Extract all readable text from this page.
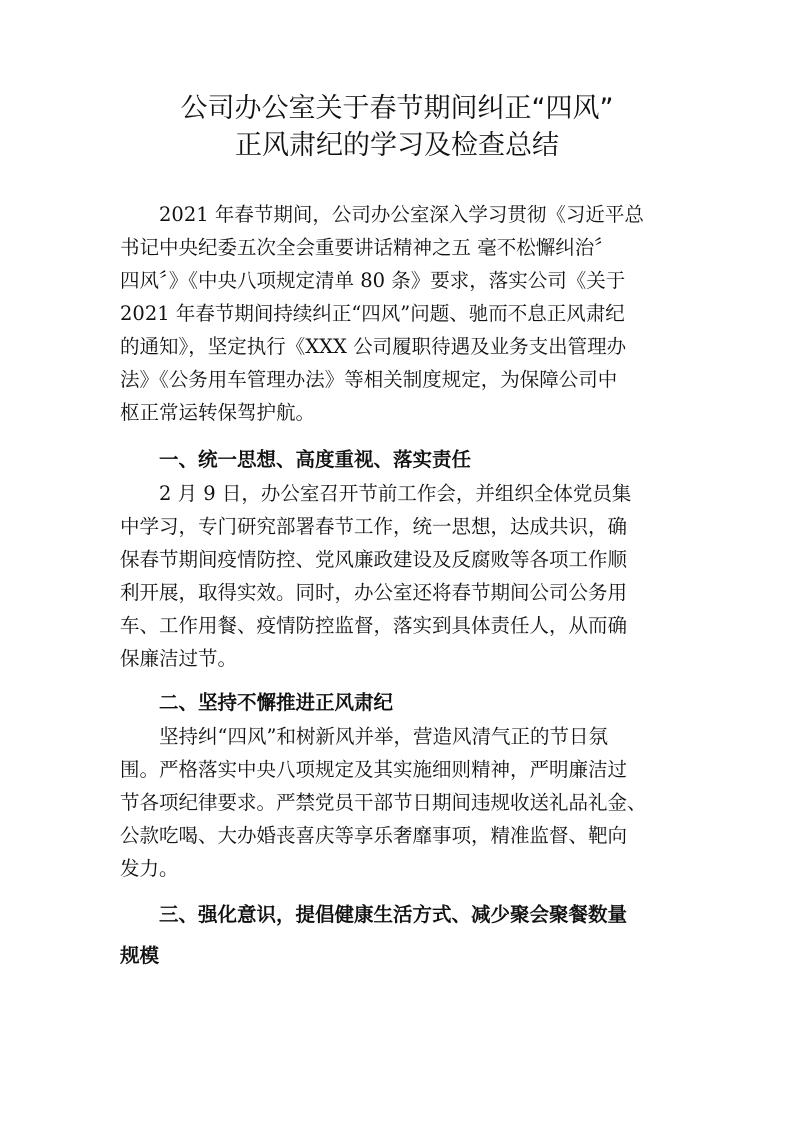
公司办公室关于春节期间纠正“四风”
正风肃纪的学习及检查总结
2021 年春节期间，公司办公室深入学习贯彻《习近平总
书记中央纪委五次全会重要讲话精神之五 毫不松懈纠治〞
四风〞》《中央八项规定清单 80 条》要求，落实公司《关于
2021 年春节期间持续纠正“四风”问题、驰而不息正风肃纪
的通知》，坚定执行《XXX 公司履职待遇及业务支出管理办
法》《公务用车管理办法》等相关制度规定，为保障公司中
枢正常运转保驾护航。
一、统一思想、高度重视、落实责任
2 月 9 日，办公室召开节前工作会，并组织全体党员集
中学习，专门研究部署春节工作，统一思想，达成共识，确
保春节期间疫情防控、党风廉政建设及反腐败等各项工作顺
利开展，取得实效。同时，办公室还将春节期间公司公务用
车、工作用餐、疫情防控监督，落实到具体责任人，从而确
保廉洁过节。
二、坚持不懈推进正风肃纪
坚持纠“四风”和树新风并举，营造风清气正的节日氛
围。严格落实中央八项规定及其实施细则精神，严明廉洁过
节各项纪律要求。严禁党员干部节日期间违规收送礼品礼金、
公款吃喝、大办婚丧喜庆等享乐奢靡事项，精准监督、靶向
发力。
三、强化意识，提倡健康生活方式、减少聚会聚餐数量
规模
